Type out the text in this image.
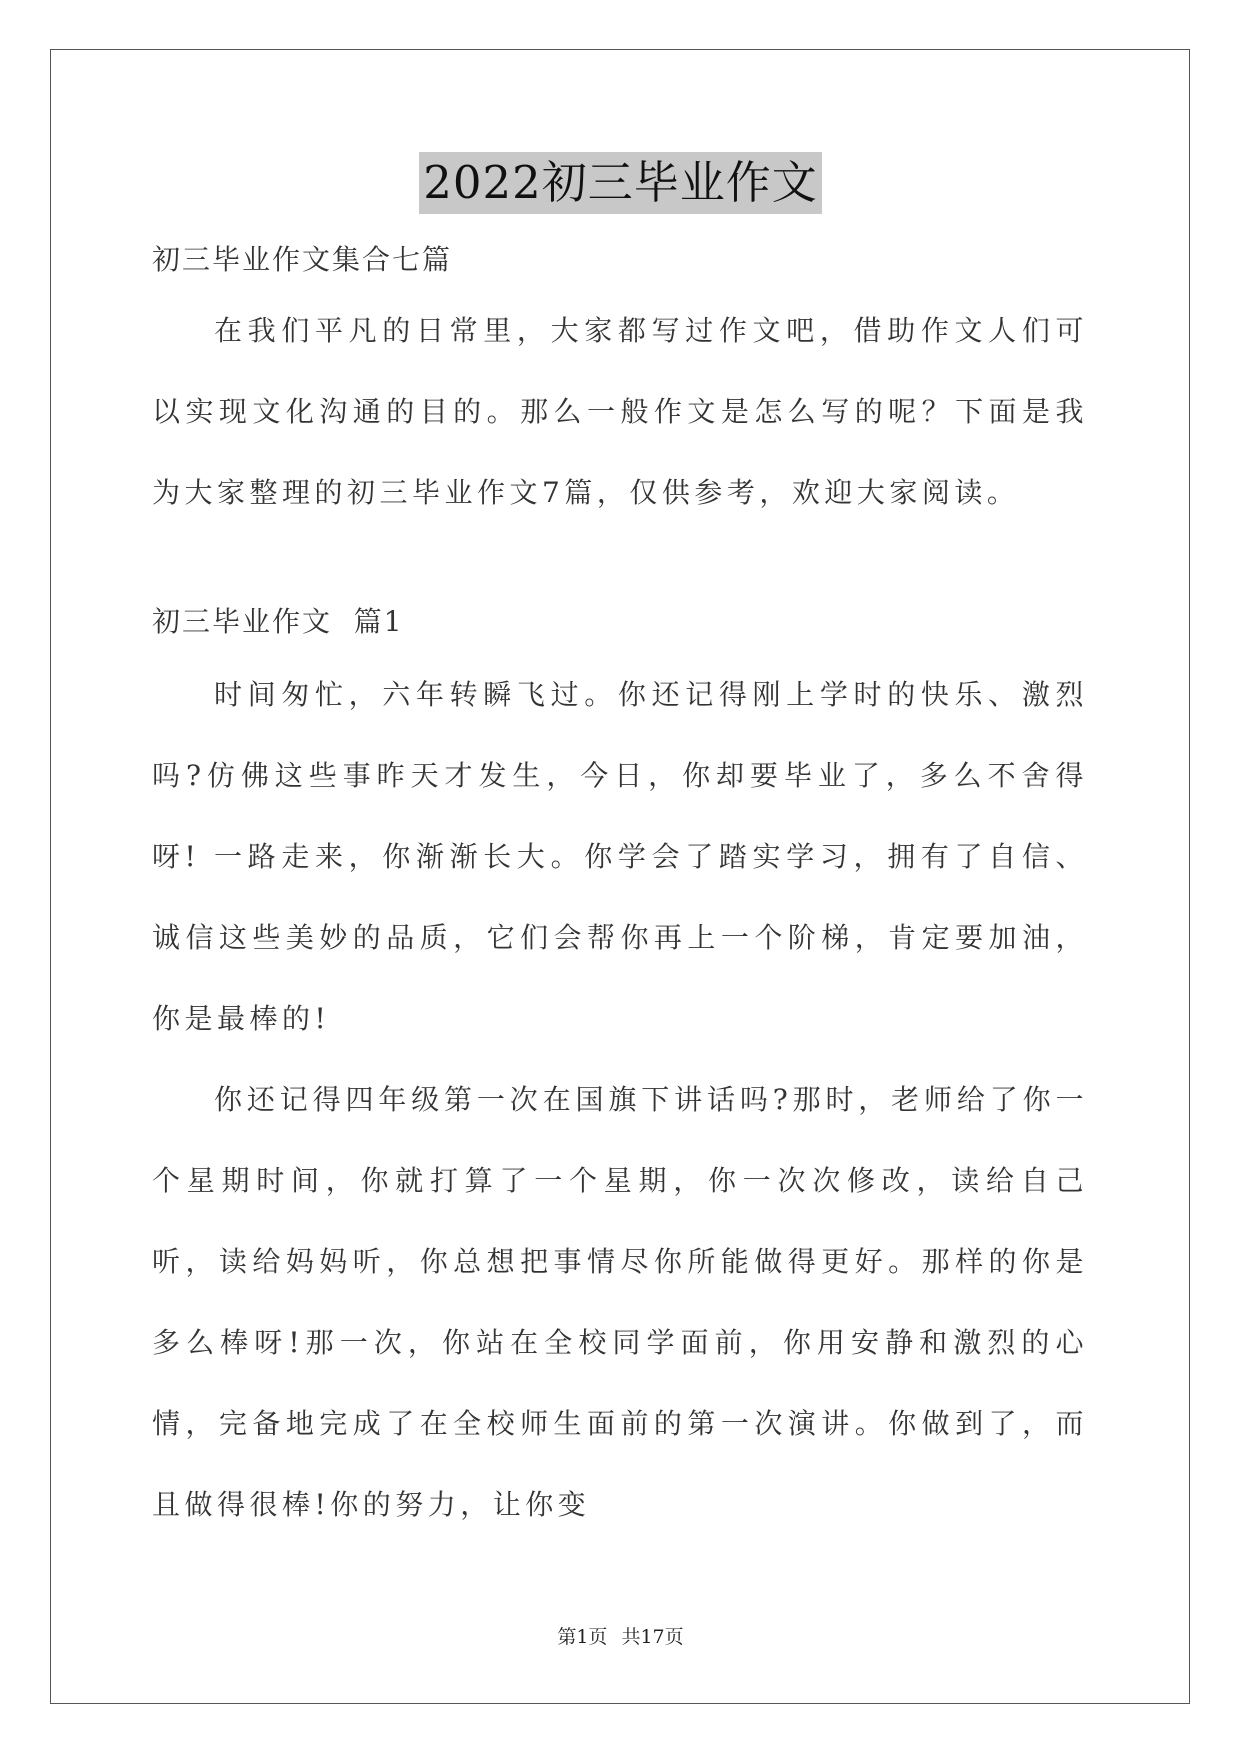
2022初三毕业作文

初三毕业作文集合七篇

在我们平凡的日常里，大家都写过作文吧，借助作文人们可以实现文化沟通的目的。那么一般作文是怎么写的呢？下面是我为大家整理的初三毕业作文7篇，仅供参考，欢迎大家阅读。

初三毕业作文  篇1

时间匆忙，六年转瞬飞过。你还记得刚上学时的快乐、激烈吗?仿佛这些事昨天才发生，今日，你却要毕业了，多么不舍得呀! 一路走来，你渐渐长大。你学会了踏实学习，拥有了自信、诚信这些美妙的品质，它们会帮你再上一个阶梯，肯定要加油，你是最棒的!

你还记得四年级第一次在国旗下讲话吗?那时，老师给了你一个星期时间，你就打算了一个星期，你一次次修改，读给自己听，读给妈妈听，你总想把事情尽你所能做得更好。那样的你是多么棒呀!那一次，你站在全校同学面前，你用安静和激烈的心情，完备地完成了在全校师生面前的第一次演讲。你做到了，而且做得很棒!你的努力，让你变

第1页 共17页
